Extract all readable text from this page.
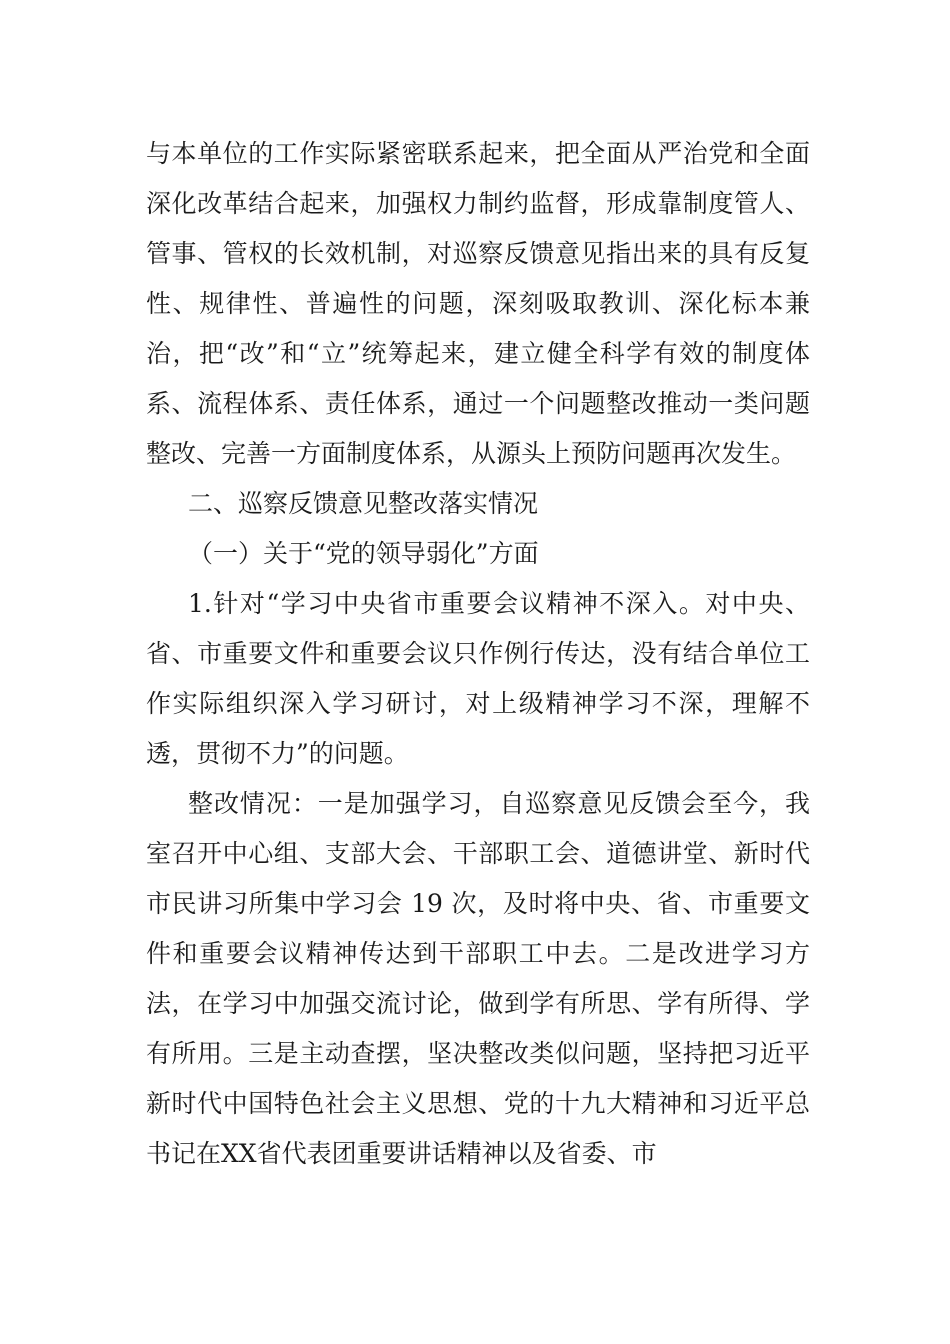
与本单位的工作实际紧密联系起来，把全面从严治党和全面深化改革结合起来，加强权力制约监督，形成靠制度管人、管事、管权的长效机制，对巡察反馈意见指出来的具有反复性、规律性、普遍性的问题，深刻吸取教训、深化标本兼治，把“改”和“立”统筹起来，建立健全科学有效的制度体系、流程体系、责任体系，通过一个问题整改推动一类问题整改、完善一方面制度体系，从源头上预防问题再次发生。

二、巡察反馈意见整改落实情况

（一）关于“党的领导弱化”方面

1.针对“学习中央省市重要会议精神不深入。对中央、省、市重要文件和重要会议只作例行传达，没有结合单位工作实际组织深入学习研讨，对上级精神学习不深，理解不透，贯彻不力”的问题。

整改情况：一是加强学习，自巡察意见反馈会至今，我室召开中心组、支部大会、干部职工会、道德讲堂、新时代市民讲习所集中学习会 19 次，及时将中央、省、市重要文件和重要会议精神传达到干部职工中去。二是改进学习方法，在学习中加强交流讨论，做到学有所思、学有所得、学有所用。三是主动查摆，坚决整改类似问题，坚持把习近平新时代中国特色社会主义思想、党的十九大精神和习近平总书记在XX省代表团重要讲话精神以及省委、市
